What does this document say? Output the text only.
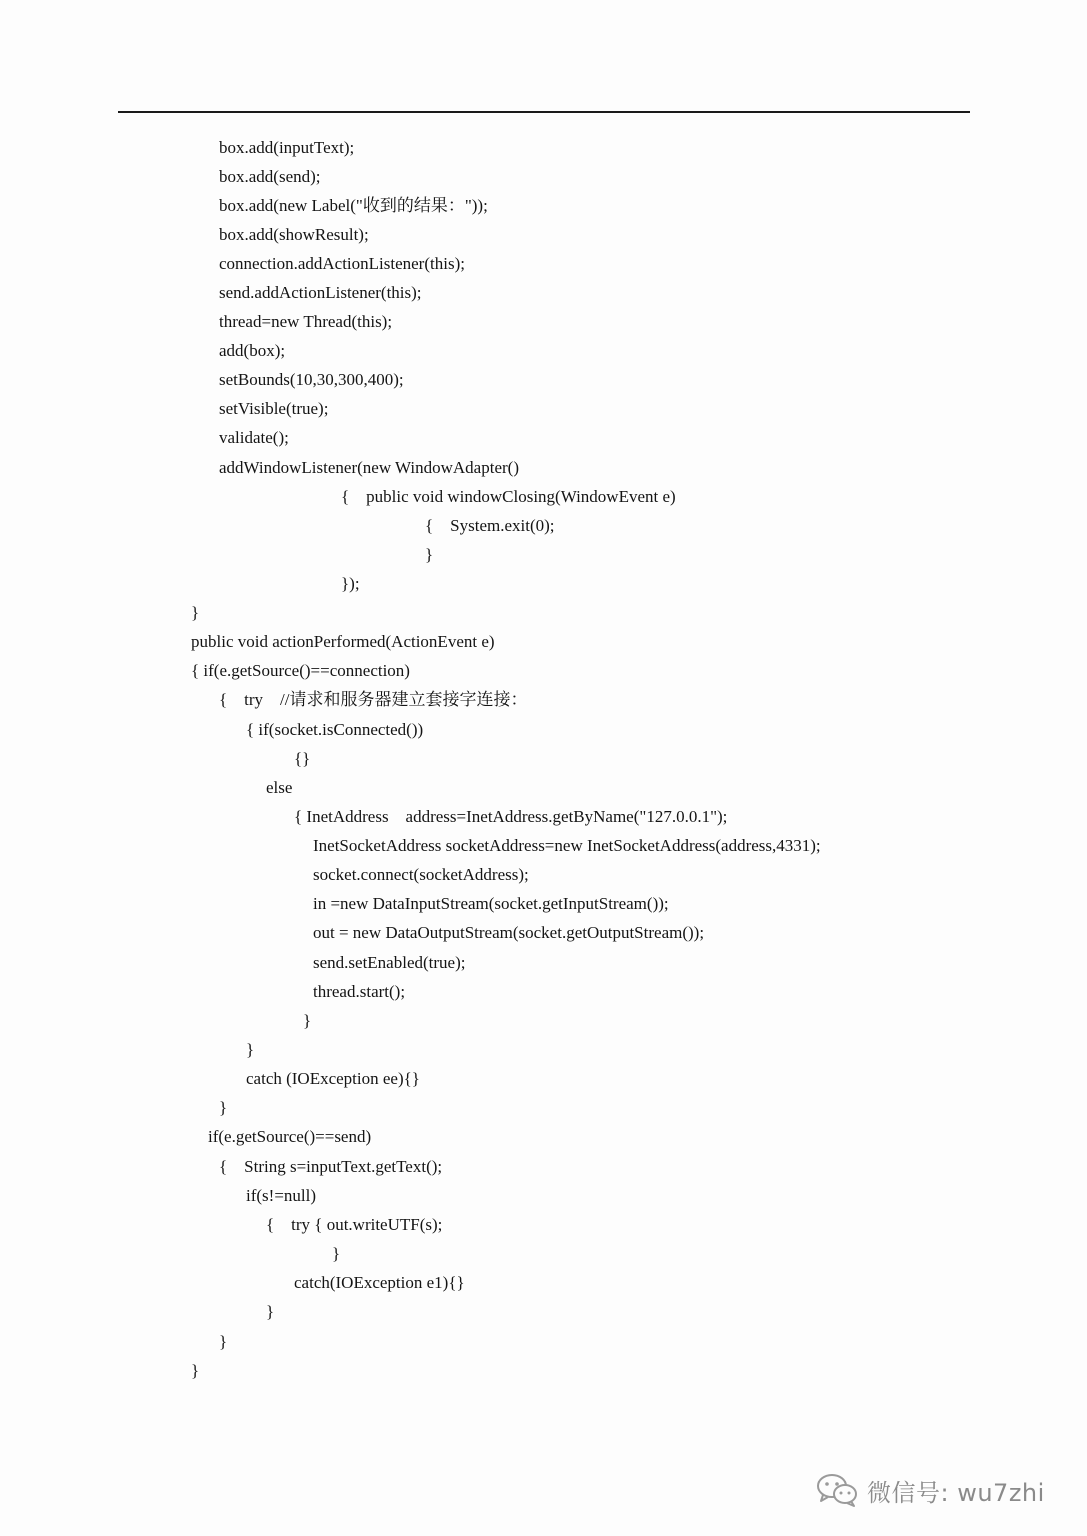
box.add(inputText);
box.add(send);
box.add(new Label("收到的结果："));
box.add(showResult);
connection.addActionListener(this);
send.addActionListener(this);
thread=new Thread(this);
add(box);
setBounds(10,30,300,400);
setVisible(true);
validate();
addWindowListener(new WindowAdapter()
{    public void windowClosing(WindowEvent e)
{    System.exit(0);
}
});
}
public void actionPerformed(ActionEvent e)
{ if(e.getSource()==connection)
{    try    //请求和服务器建立套接字连接：
{ if(socket.isConnected())
{}
else
{ InetAddress    address=InetAddress.getByName("127.0.0.1");
InetSocketAddress socketAddress=new InetSocketAddress(address,4331);
socket.connect(socketAddress);
in =new DataInputStream(socket.getInputStream());
out = new DataOutputStream(socket.getOutputStream());
send.setEnabled(true);
thread.start();
}
}
catch (IOException ee){}
}
if(e.getSource()==send)
{    String s=inputText.getText();
if(s!=null)
{    try { out.writeUTF(s);
}
catch(IOException e1){}
}
}
}
微信号: wu7zhi
